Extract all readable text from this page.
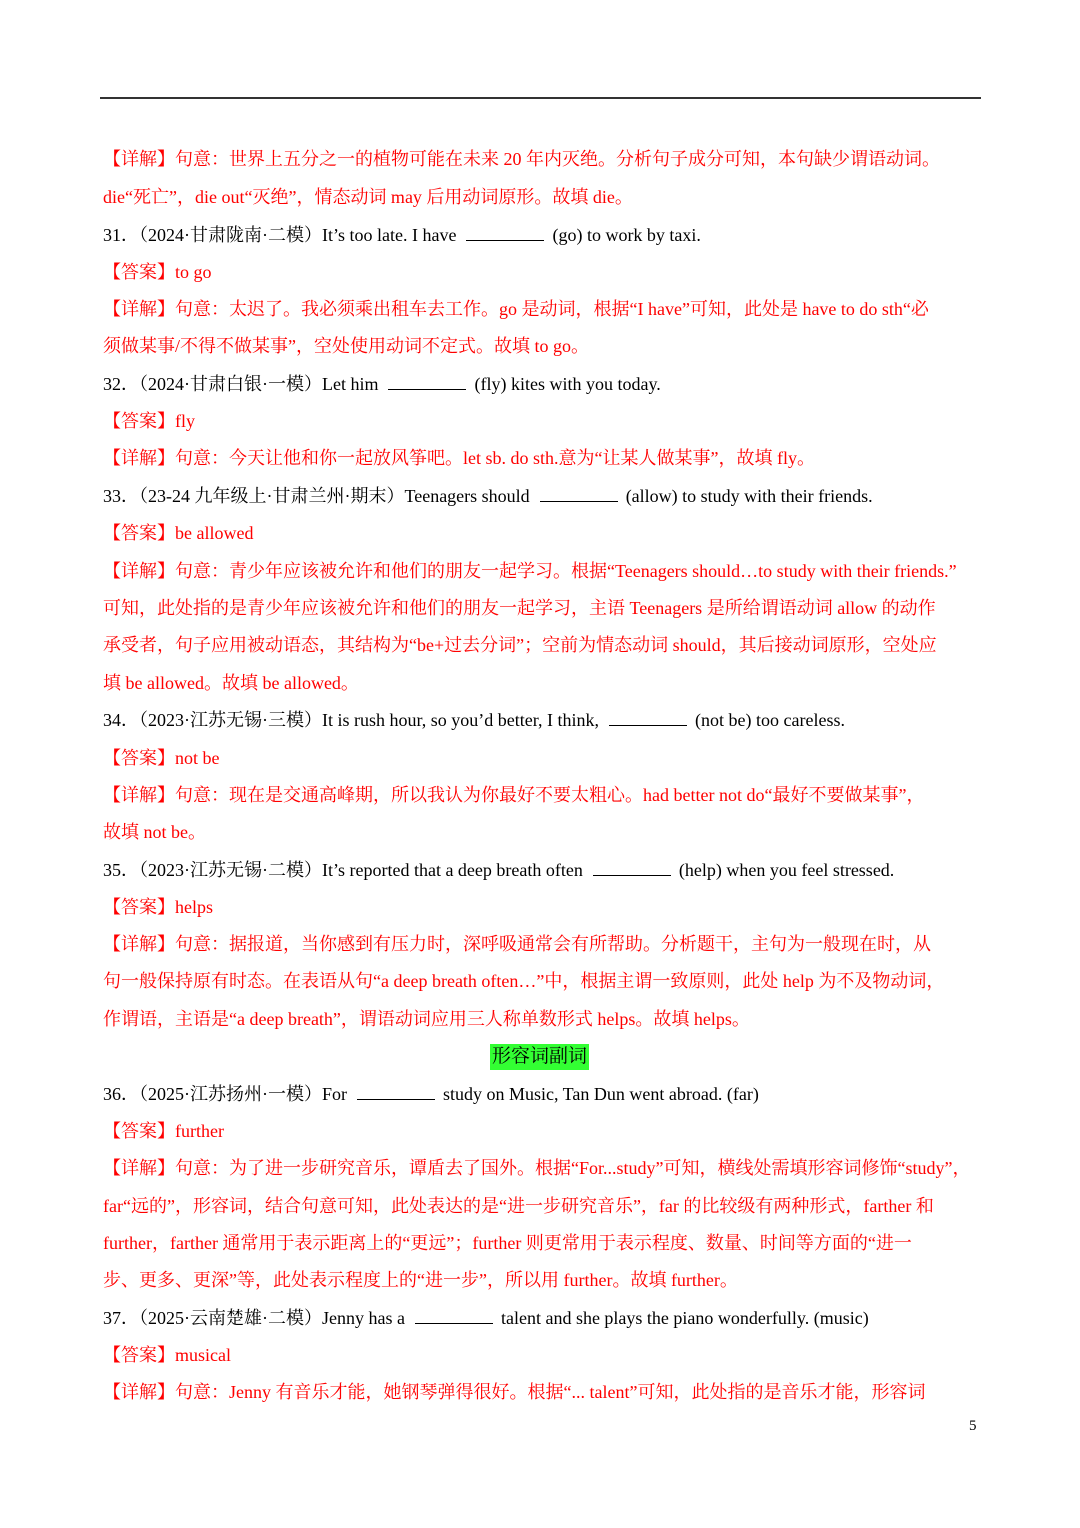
【详解】句意：世界上五分之一的植物可能在未来 20 年内灭绝。分析句子成分可知，本句缺少谓语动词。
die“死亡”，die out“灭绝”，情态动词 may 后用动词原形。故填 die。
31．（2024·甘肃陇南·二模）It’s too late. I have	(go) to work by taxi.
【答案】to go
【详解】句意：太迟了。我必须乘出租车去工作。go 是动词，根据“I have”可知，此处是 have to do sth“必
须做某事/不得不做某事”，空处使用动词不定式。故填 to go。
32．（2024·甘肃白银·一模）Let him	(fly) kites with you today.
【答案】fly
【详解】句意：今天让他和你一起放风筝吧。let sb. do sth.意为“让某人做某事”，故填 fly。
33．（23-24 九年级上·甘肃兰州·期末）Teenagers should	(allow) to study with their friends.
【答案】be allowed
【详解】句意：青少年应该被允许和他们的朋友一起学习。根据“Teenagers should…to study with their friends.”
可知，此处指的是青少年应该被允许和他们的朋友一起学习，主语 Teenagers 是所给谓语动词 allow 的动作
承受者，句子应用被动语态，其结构为“be+过去分词”；空前为情态动词 should，其后接动词原形，空处应
填 be allowed。故填 be allowed。
34．（2023·江苏无锡·三模）It is rush hour, so you’d better, I think,	(not be) too careless.
【答案】not be
【详解】句意：现在是交通高峰期，所以我认为你最好不要太粗心。had better not do“最好不要做某事”，
故填 not be。
35．（2023·江苏无锡·二模）It’s reported that a deep breath often	(help) when you feel stressed.
【答案】helps
【详解】句意：据报道，当你感到有压力时，深呼吸通常会有所帮助。分析题干，主句为一般现在时，从
句一般保持原有时态。在表语从句“a deep breath often…”中，根据主谓一致原则，此处 help 为不及物动词，
作谓语，主语是“a deep breath”，谓语动词应用三人称单数形式 helps。故填 helps。
形容词副词
36．（2025·江苏扬州·一模）For	study on Music, Tan Dun went abroad. (far)
【答案】further
【详解】句意：为了进一步研究音乐，谭盾去了国外。根据“For...study”可知，横线处需填形容词修饰“study”，
far“远的”，形容词，结合句意可知，此处表达的是“进一步研究音乐”，far 的比较级有两种形式，farther 和
further，farther 通常用于表示距离上的“更远”；further 则更常用于表示程度、数量、时间等方面的“进一
步、更多、更深”等，此处表示程度上的“进一步”，所以用 further。故填 further。
37．（2025·云南楚雄·二模）Jenny has a	talent and she plays the piano wonderfully. (music)
【答案】musical
【详解】句意：Jenny 有音乐才能，她钢琴弹得很好。根据“... talent”可知，此处指的是音乐才能，形容词
5
